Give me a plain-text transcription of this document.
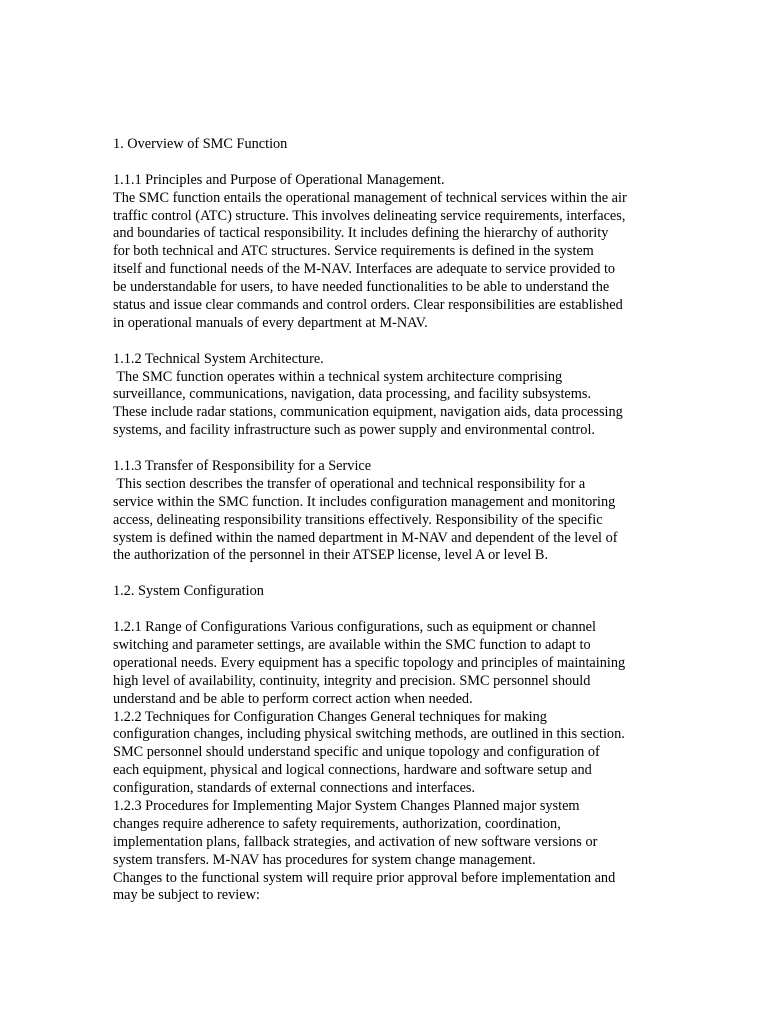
1. Overview of SMC Function
1.1.1 Principles and Purpose of Operational Management.
The SMC function entails the operational management of technical services within the air
traffic control (ATC) structure. This involves delineating service requirements, interfaces,
and boundaries of tactical responsibility. It includes defining the hierarchy of authority
for both technical and ATC structures. Service requirements is defined in the system
itself and functional needs of the M-NAV. Interfaces are adequate to service provided to
be understandable for users, to have needed functionalities to be able to understand the
status and issue clear commands and control orders. Clear responsibilities are established
in operational manuals of every department at M-NAV.
1.1.2 Technical System Architecture.
The SMC function operates within a technical system architecture comprising
surveillance, communications, navigation, data processing, and facility subsystems.
These include radar stations, communication equipment, navigation aids, data processing
systems, and facility infrastructure such as power supply and environmental control.
1.1.3 Transfer of Responsibility for a Service
This section describes the transfer of operational and technical responsibility for a
service within the SMC function. It includes configuration management and monitoring
access, delineating responsibility transitions effectively. Responsibility of the specific
system is defined within the named department in M-NAV and dependent of the level of
the authorization of the personnel in their ATSEP license, level A or level B.
1.2. System Configuration
1.2.1 Range of Configurations Various configurations, such as equipment or channel
switching and parameter settings, are available within the SMC function to adapt to
operational needs. Every equipment has a specific topology and principles of maintaining
high level of availability, continuity, integrity and precision. SMC personnel should
understand and be able to perform correct action when needed.
1.2.2 Techniques for Configuration Changes General techniques for making
configuration changes, including physical switching methods, are outlined in this section.
SMC personnel should understand specific and unique topology and configuration of
each equipment, physical and logical connections, hardware and software setup and
configuration, standards of external connections and interfaces.
1.2.3 Procedures for Implementing Major System Changes Planned major system
changes require adherence to safety requirements, authorization, coordination,
implementation plans, fallback strategies, and activation of new software versions or
system transfers. M-NAV has procedures for system change management.
Changes to the functional system will require prior approval before implementation and
may be subject to review:
